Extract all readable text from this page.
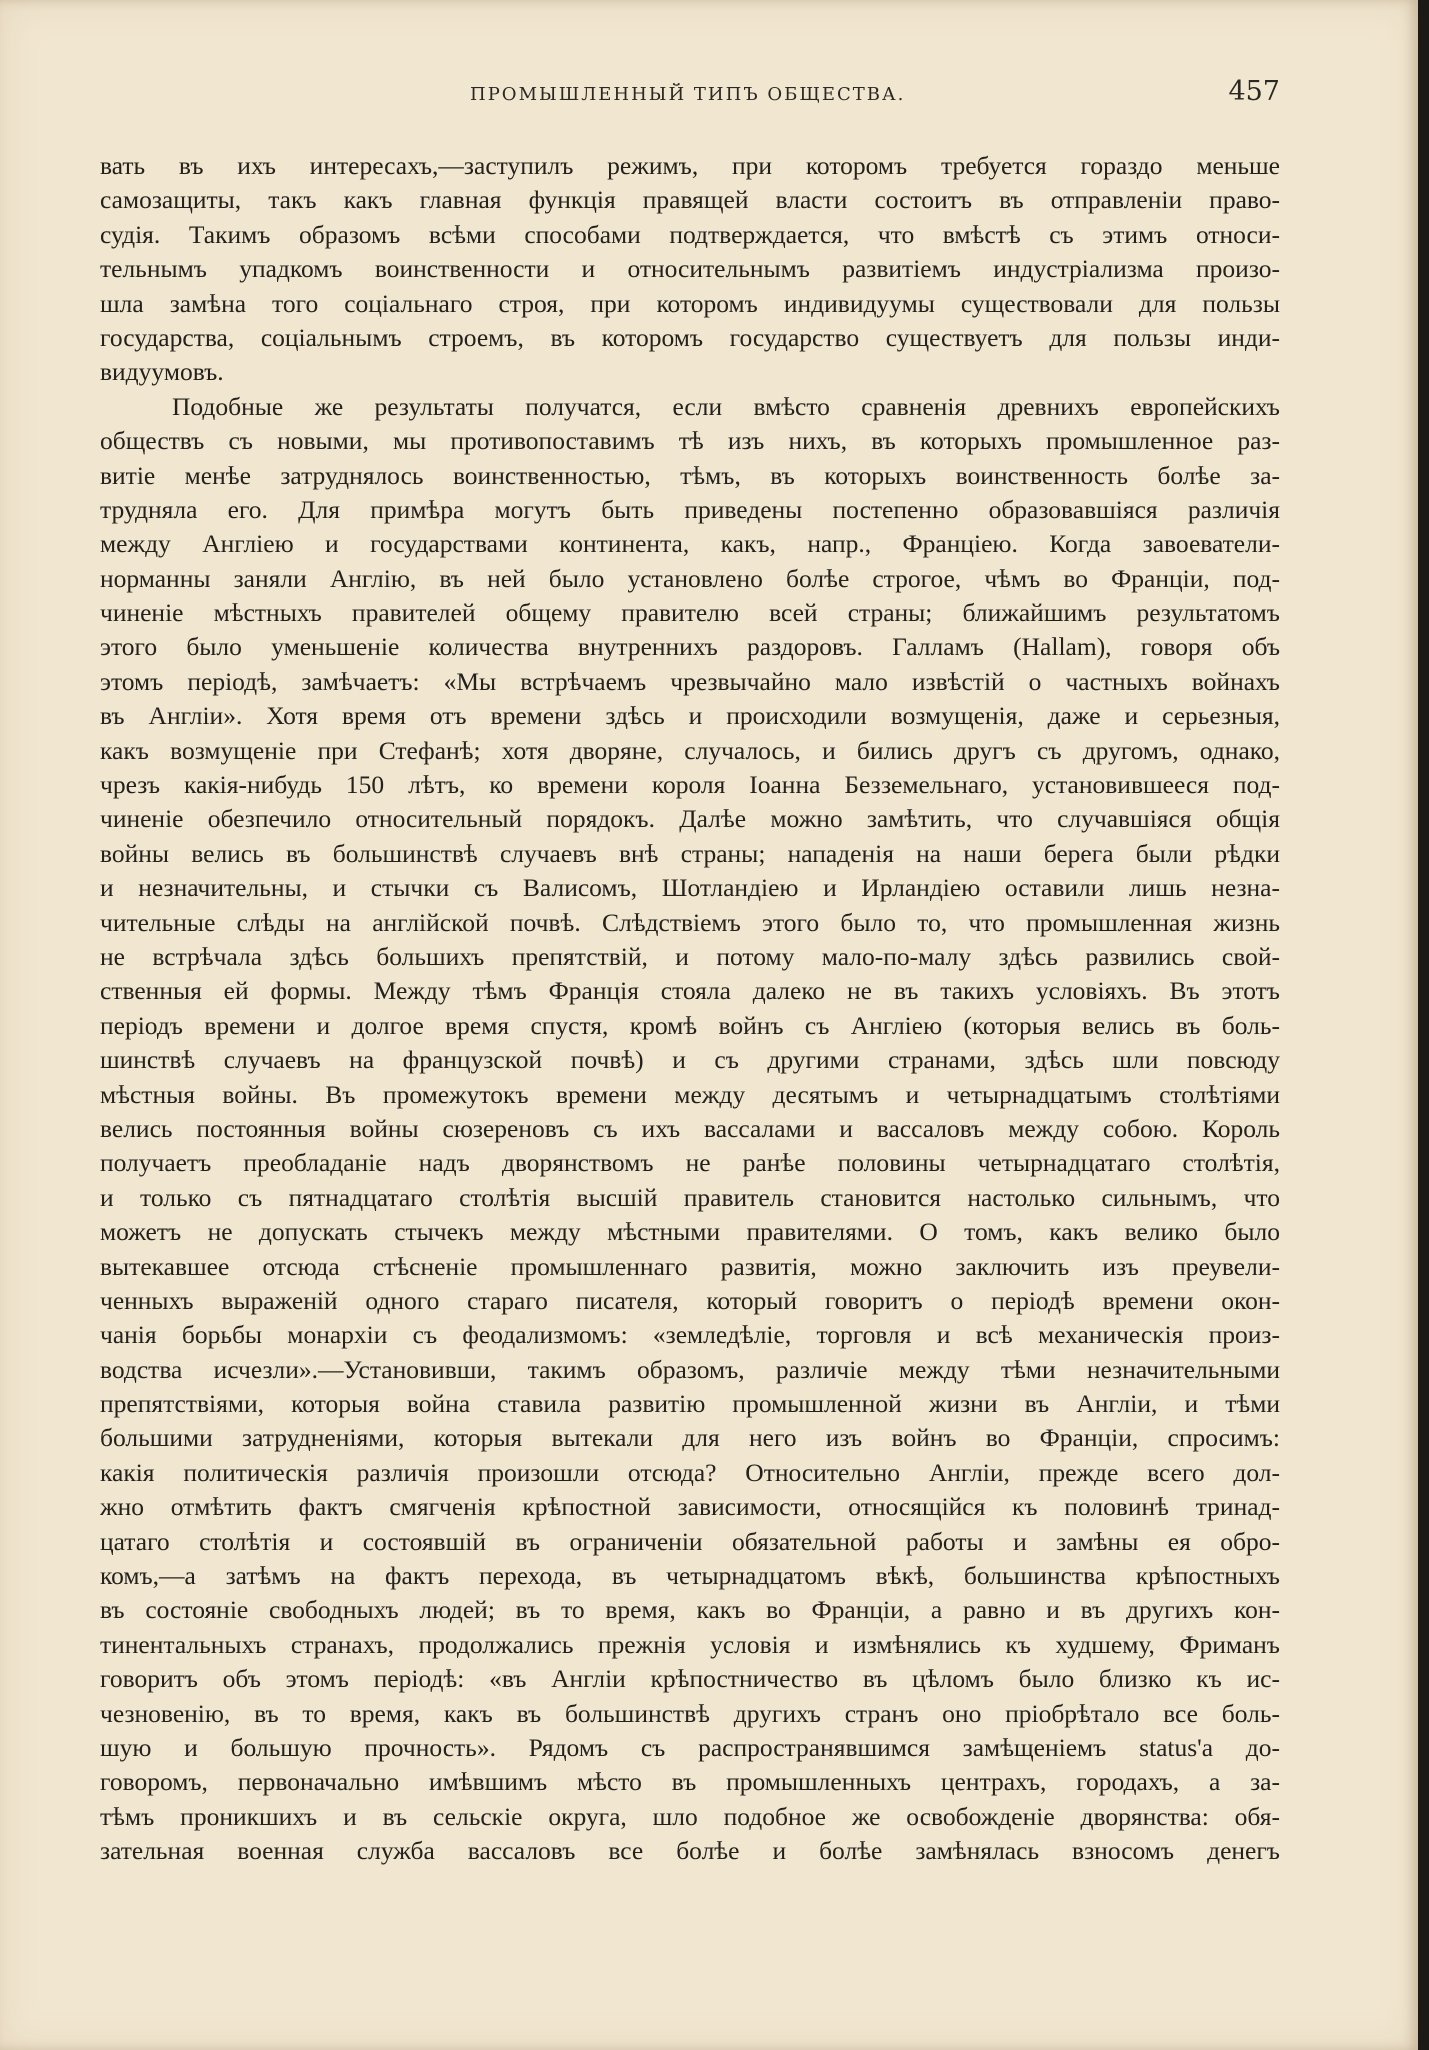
ПРОМЫШЛЕННЫЙ ТИПЪ ОБЩЕСТВА.	457
вать въ ихъ интересахъ,—заступилъ режимъ, при которомъ требуется гораздо меньше
самозащиты, такъ какъ главная функція правящей власти состоитъ въ отправленіи право-
судія. Такимъ образомъ всѣми способами подтверждается, что вмѣстѣ съ этимъ относи-
тельнымъ упадкомъ воинственности и относительнымъ развитіемъ индустріализма произо-
шла замѣна того соціальнаго строя, при которомъ индивидуумы существовали для пользы
государства, соціальнымъ строемъ, въ которомъ государство существуетъ для пользы инди-
видуумовъ.
Подобные же результаты получатся, если вмѣсто сравненія древнихъ европейскихъ
обществъ съ новыми, мы противопоставимъ тѣ изъ нихъ, въ которыхъ промышленное раз-
витіе менѣе затруднялось воинственностью, тѣмъ, въ которыхъ воинственность болѣе за-
трудняла его. Для примѣра могутъ быть приведены постепенно образовавшіяся различія
между Англіею и государствами континента, какъ, напр., Франціею. Когда завоеватели-
норманны заняли Англію, въ ней было установлено болѣе строгое, чѣмъ во Франціи, под-
чиненіе мѣстныхъ правителей общему правителю всей страны; ближайшимъ результатомъ
этого было уменьшеніе количества внутреннихъ раздоровъ. Галламъ (Hallam), говоря объ
этомъ періодѣ, замѣчаетъ: «Мы встрѣчаемъ чрезвычайно мало извѣстій о частныхъ войнахъ
въ Англіи». Хотя время отъ времени здѣсь и происходили возмущенія, даже и серьезныя,
какъ возмущеніе при Стефанѣ; хотя дворяне, случалось, и бились другъ съ другомъ, однако,
чрезъ какія-нибудь 150 лѣтъ, ко времени короля Іоанна Безземельнаго, установившееся под-
чиненіе обезпечило относительный порядокъ. Далѣе можно замѣтить, что случавшіяся общія
войны велись въ большинствѣ случаевъ внѣ страны; нападенія на наши берега были рѣдки
и незначительны, и стычки съ Валисомъ, Шотландіею и Ирландіею оставили лишь незна-
чительные слѣды на англійской почвѣ. Слѣдствіемъ этого было то, что промышленная жизнь
не встрѣчала здѣсь большихъ препятствій, и потому мало-по-малу здѣсь развились свой-
ственныя ей формы. Между тѣмъ Франція стояла далеко не въ такихъ условіяхъ. Въ этотъ
періодъ времени и долгое время спустя, кромѣ войнъ съ Англіею (которыя велись въ боль-
шинствѣ случаевъ на французской почвѣ) и съ другими странами, здѣсь шли повсюду
мѣстныя войны. Въ промежутокъ времени между десятымъ и четырнадцатымъ столѣтіями
велись постоянныя войны сюзереновъ съ ихъ вассалами и вассаловъ между собою. Король
получаетъ преобладаніе надъ дворянствомъ не ранѣе половины четырнадцатаго столѣтія,
и только съ пятнадцатаго столѣтія высшій правитель становится настолько сильнымъ, что
можетъ не допускать стычекъ между мѣстными правителями. О томъ, какъ велико было
вытекавшее отсюда стѣсненіе промышленнаго развитія, можно заключить изъ преувели-
ченныхъ выраженій одного стараго писателя, который говоритъ о періодѣ времени окон-
чанія борьбы монархіи съ феодализмомъ: «земледѣліе, торговля и всѣ механическія произ-
водства исчезли».—Установивши, такимъ образомъ, различіе между тѣми незначительными
препятствіями, которыя война ставила развитію промышленной жизни въ Англіи, и тѣми
большими затрудненіями, которыя вытекали для него изъ войнъ во Франціи, спросимъ:
какія политическія различія произошли отсюда? Относительно Англіи, прежде всего дол-
жно отмѣтить фактъ смягченія крѣпостной зависимости, относящійся къ половинѣ тринад-
цатаго столѣтія и состоявшій въ ограниченіи обязательной работы и замѣны ея обро-
комъ,—а затѣмъ на фактъ перехода, въ четырнадцатомъ вѣкѣ, большинства крѣпостныхъ
въ состояніе свободныхъ людей; въ то время, какъ во Франціи, а равно и въ другихъ кон-
тинентальныхъ странахъ, продолжались прежнія условія и измѣнялись къ худшему, Фриманъ
говоритъ объ этомъ періодѣ: «въ Англіи крѣпостничество въ цѣломъ было близко къ ис-
чезновенію, въ то время, какъ въ большинствѣ другихъ странъ оно пріобрѣтало все боль-
шую и большую прочность». Рядомъ съ распространявшимся замѣщеніемъ status'а до-
говоромъ, первоначально имѣвшимъ мѣсто въ промышленныхъ центрахъ, городахъ, а за-
тѣмъ проникшихъ и въ сельскіе округа, шло подобное же освобожденіе дворянства: обя-
зательная военная служба вассаловъ все болѣе и болѣе замѣнялась взносомъ денегъ
